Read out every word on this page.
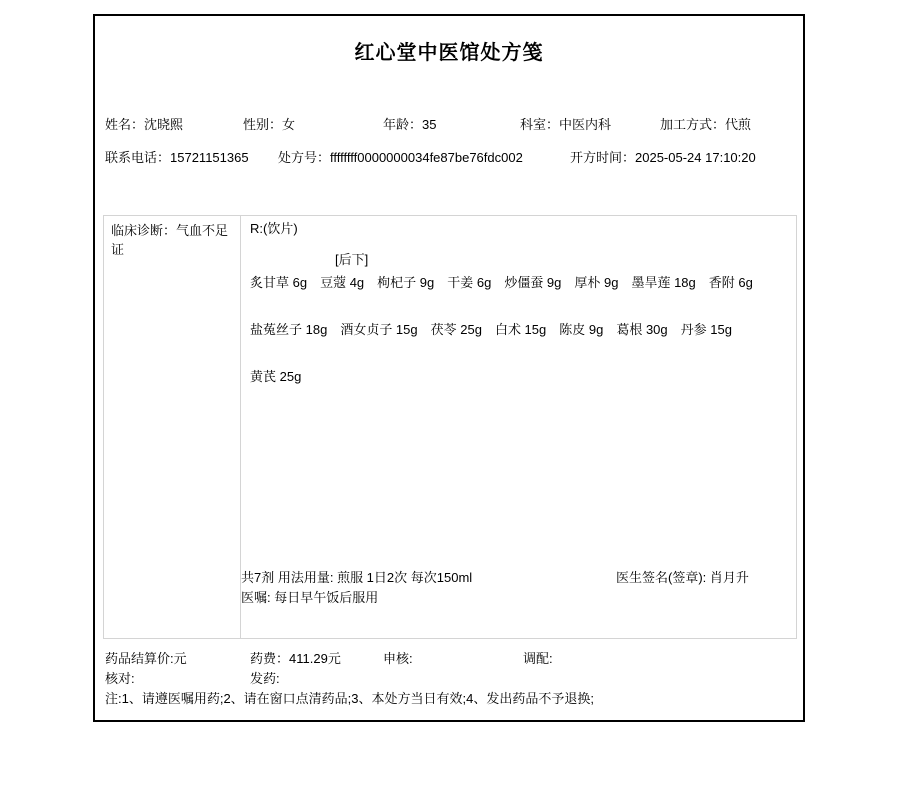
红心堂中医馆处方笺
姓名：沈晓熙	性别：女	年龄：35	科室：中医内科	加工方式：代煎
联系电话：15721151365 处方号：ffffffff0000000034fe87be76fdc002	开方时间：2025-05-24 17:10:20
临床诊断：气血不足证
R:(饮片)
[后下]
炙甘草 6g 豆蔻 4g 枸杞子 9g 干姜 6g 炒僵蚕 9g 厚朴 9g 墨旱莲 18g 香附 6g
盐菟丝子 18g 酒女贞子 15g 茯苓 25g 白术 15g 陈皮 9g 葛根 30g 丹参 15g
黄芪 25g
共7剂 用法用量: 煎服 1日2次 每次150ml
医嘱: 每日早午饭后服用
医生签名(签章): 肖月升
药品结算价:元	药费：411.29元	申核:	调配:
核对:	发药:
注:1、请遵医嘱用药;2、请在窗口点清药品;3、本处方当日有效;4、发出药品不予退换;
